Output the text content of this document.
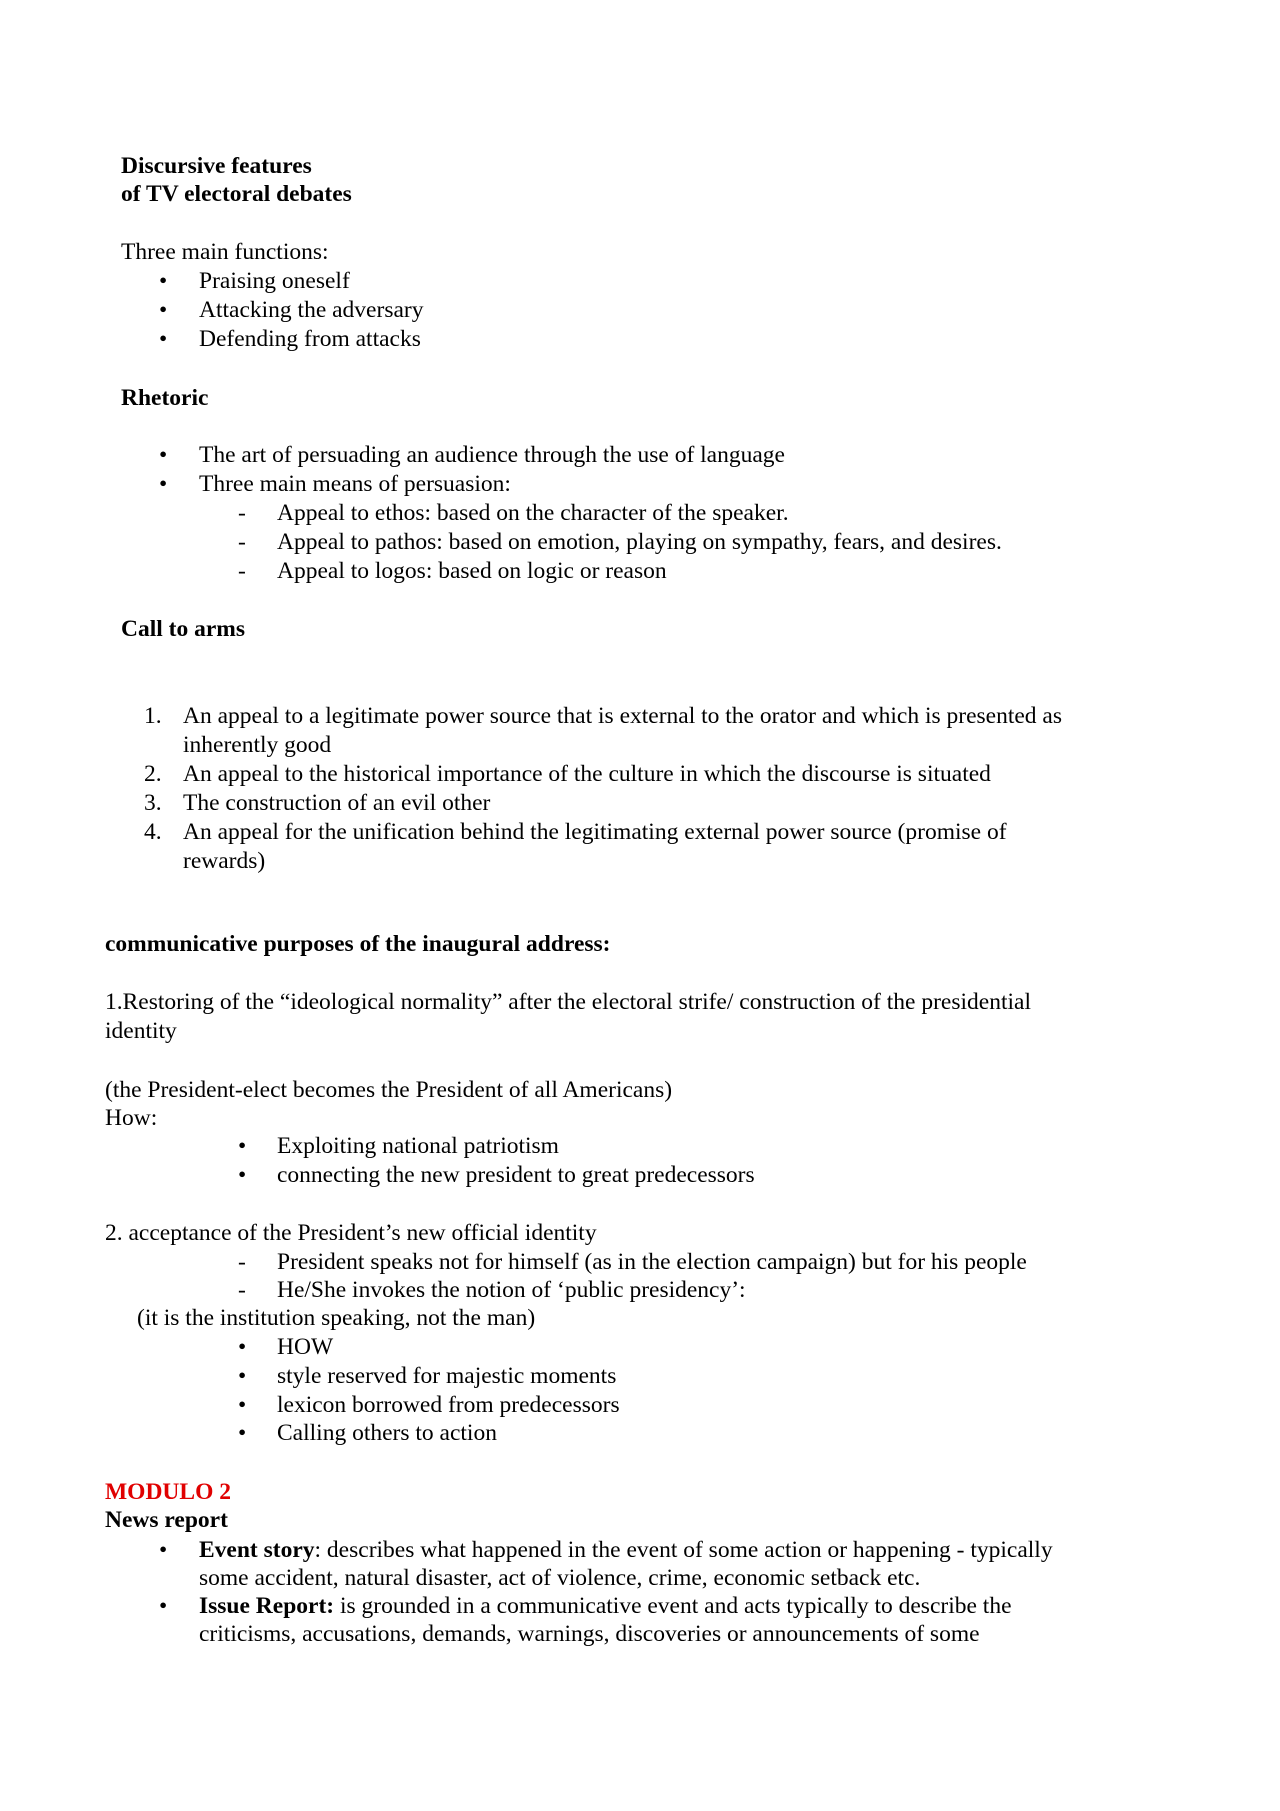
Discursive features
of TV electoral debates
Three main functions:
• Praising oneself
• Attacking the adversary
• Defending from attacks
Rhetoric
• The art of persuading an audience through the use of language
• Three main means of persuasion:
- Appeal to ethos: based on the character of the speaker.
- Appeal to pathos: based on emotion, playing on sympathy, fears, and desires.
- Appeal to logos: based on logic or reason
Call to arms
1. An appeal to a legitimate power source that is external to the orator and which is presented as
inherently good
2. An appeal to the historical importance of the culture in which the discourse is situated
3. The construction of an evil other
4. An appeal for the unification behind the legitimating external power source (promise of
rewards)
communicative purposes of the inaugural address:
1.Restoring of the “ideological normality” after the electoral strife/ construction of the presidential
identity
(the President-elect becomes the President of all Americans)
How:
• Exploiting national patriotism
• connecting the new president to great predecessors
2. acceptance of the President’s new official identity
- President speaks not for himself (as in the election campaign) but for his people
- He/She invokes the notion of ‘public presidency’:
(it is the institution speaking, not the man)
• HOW
• style reserved for majestic moments
• lexicon borrowed from predecessors
• Calling others to action
MODULO 2
News report
• Event story: describes what happened in the event of some action or happening - typically
some accident, natural disaster, act of violence, crime, economic setback etc.
• Issue Report: is grounded in a communicative event and acts typically to describe the
criticisms, accusations, demands, warnings, discoveries or announcements of some
